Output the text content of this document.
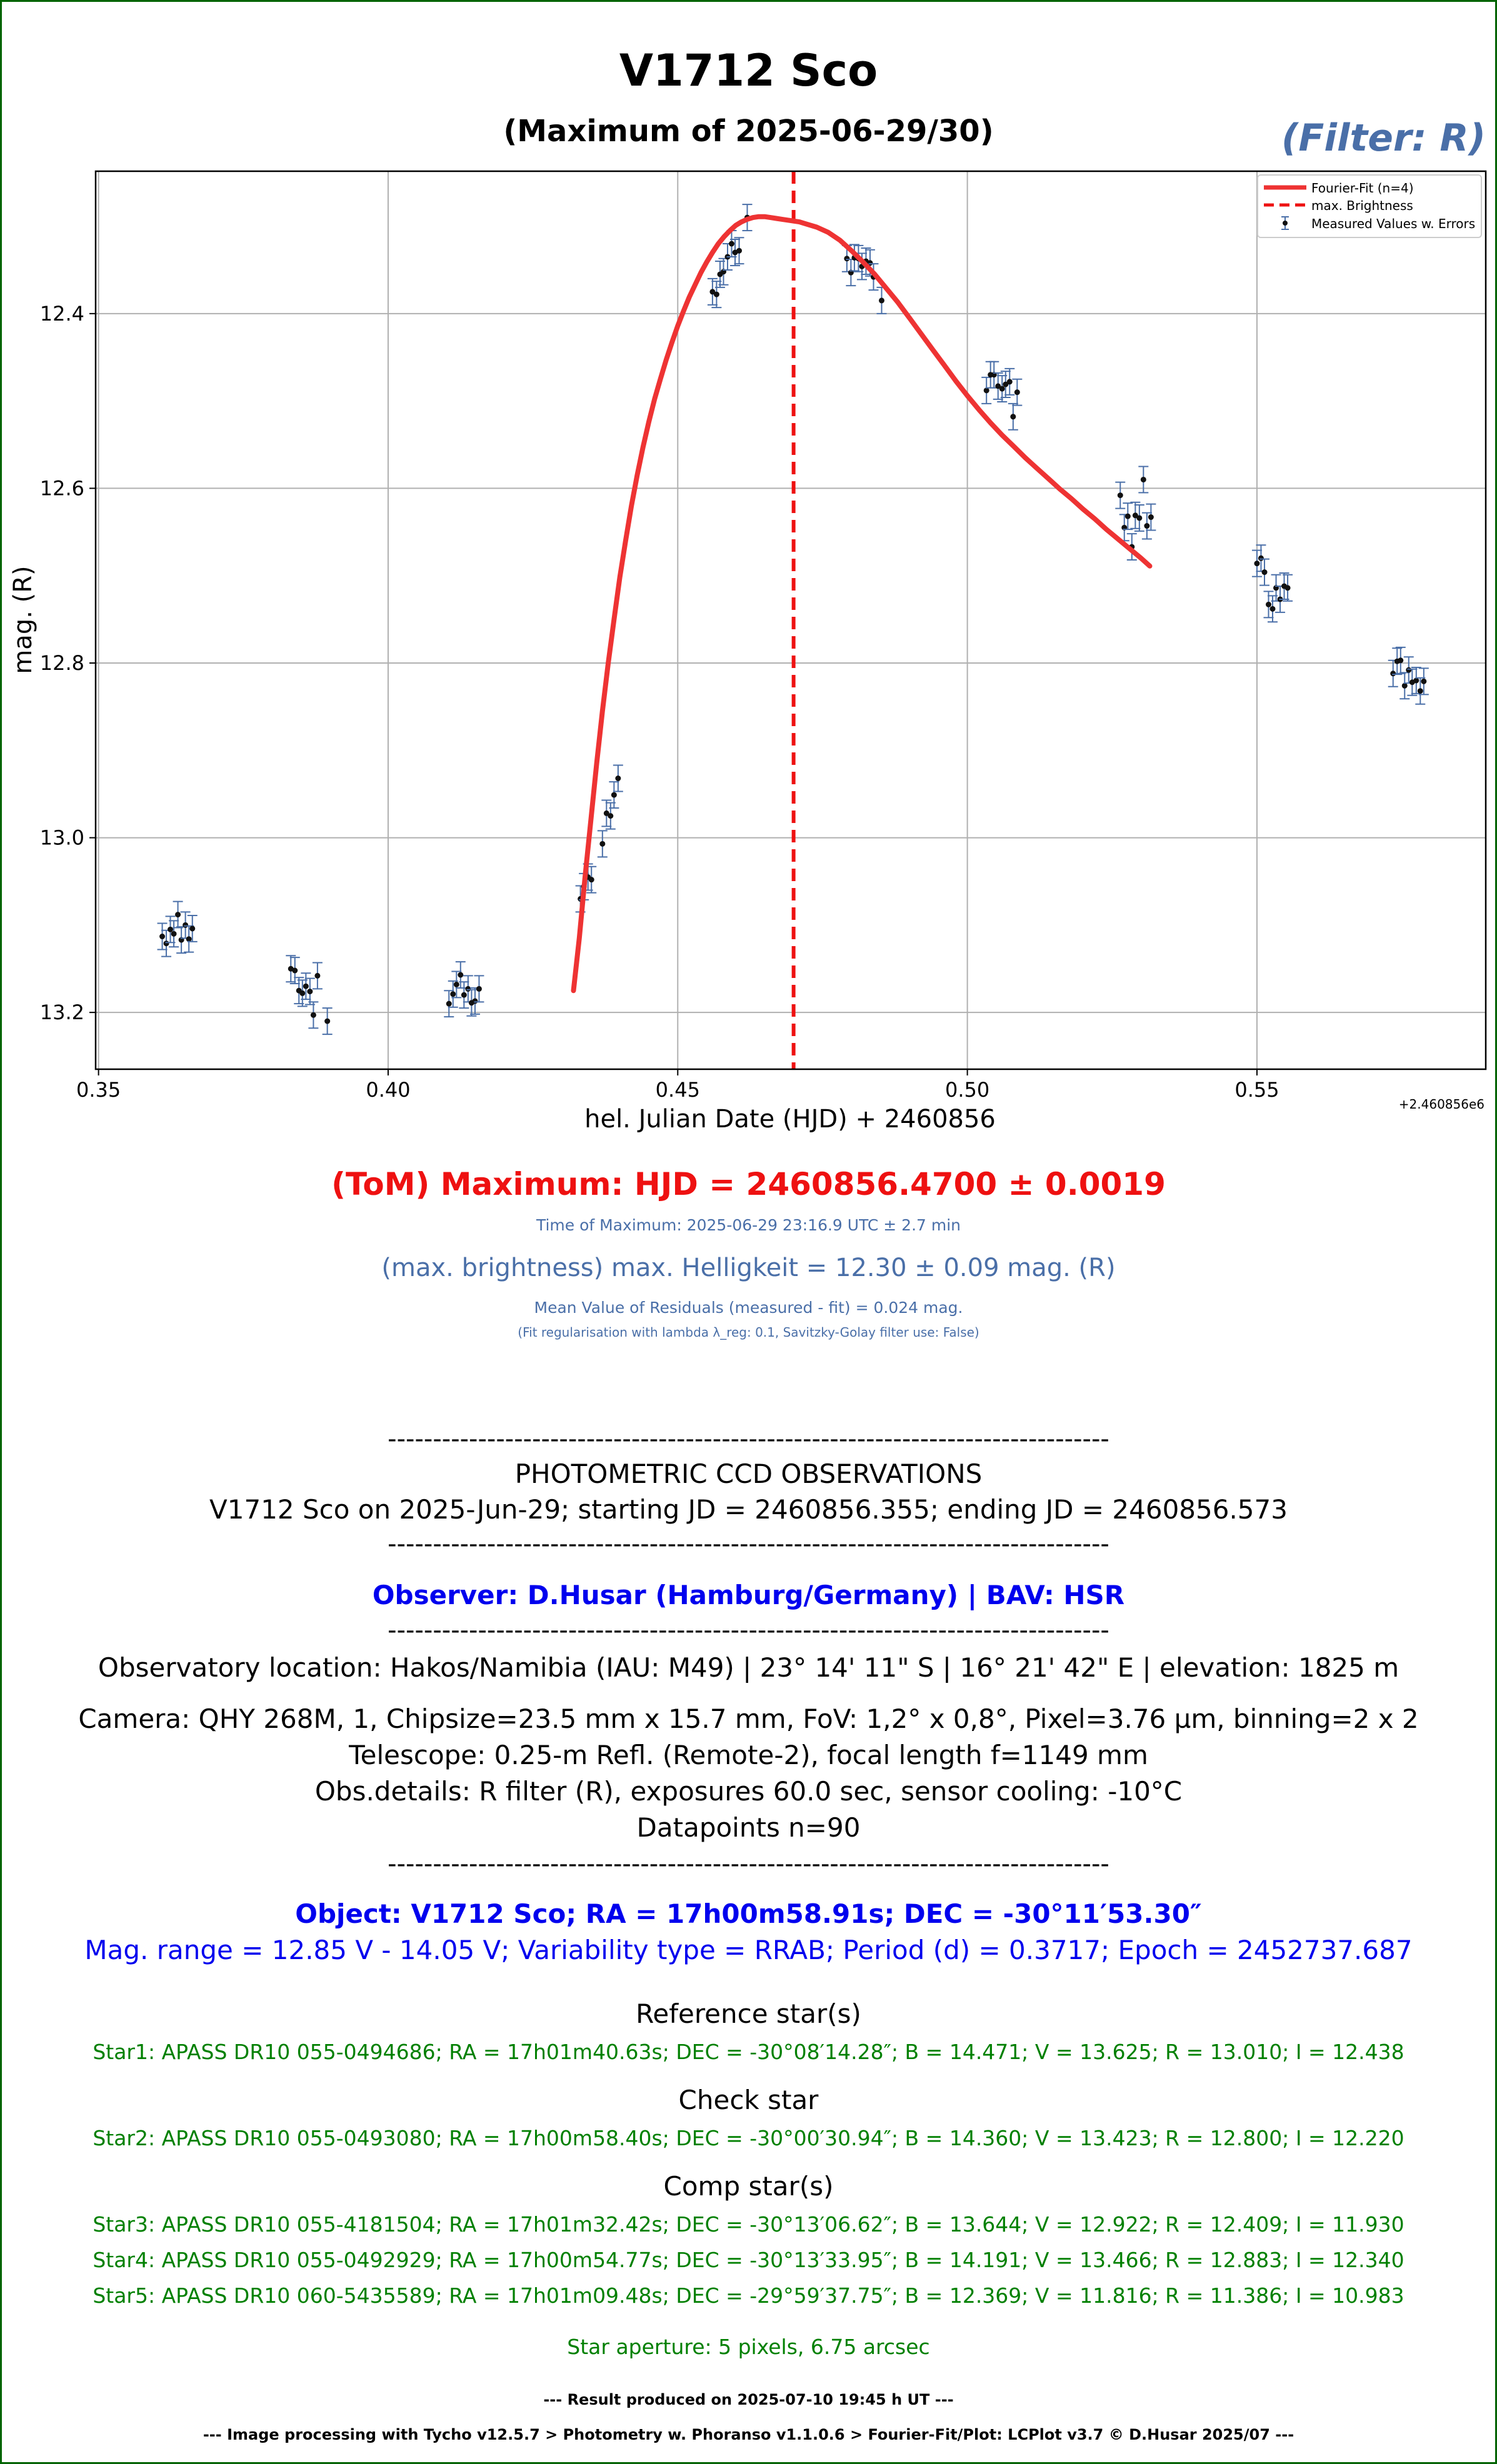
V1712 Sco
(Maximum of 2025-06-29/30)	(Filter: R)
0.35	0.40	0.45	0.50	0.55
12.4
12.6
12.8
13.0
13.2
Fourier-Fit (n=4)
max. Brightness
Measured Values w. Errors
hel. Julian Date (HJD) + 2460856
mag. (R)
+2.460856e6
(ToM) Maximum: HJD = 2460856.4700 ± 0.0019
Time of Maximum: 2025-06-29 23:16.9 UTC ± 2.7 min
(max. brightness) max. Helligkeit = 12.30 ± 0.09 mag. (R)
Mean Value of Residuals (measured - fit) = 0.024 mag.
(Fit regularisation with lambda λ_reg: 0.1, Savitzky-Golay filter use: False)
--------------------------------------------------------------------------------
PHOTOMETRIC CCD OBSERVATIONS
V1712 Sco on 2025-Jun-29; starting JD = 2460856.355; ending JD = 2460856.573
--------------------------------------------------------------------------------
Observer: D.Husar (Hamburg/Germany) | BAV: HSR
--------------------------------------------------------------------------------
Observatory location: Hakos/Namibia (IAU: M49) | 23° 14' 11" S | 16° 21' 42" E | elevation: 1825 m
Camera: QHY 268M, 1, Chipsize=23.5 mm x 15.7 mm, FoV: 1,2° x 0,8°, Pixel=3.76 µm, binning=2 x 2
Telescope: 0.25-m Refl. (Remote-2), focal length f=1149 mm
Obs.details: R filter (R), exposures 60.0 sec, sensor cooling: -10°C
Datapoints n=90
--------------------------------------------------------------------------------
Object: V1712 Sco; RA = 17h00m58.91s; DEC = -30°11′53.30″
Mag. range = 12.85 V - 14.05 V; Variability type = RRAB; Period (d) = 0.3717; Epoch = 2452737.687
Reference star(s)
Star1: APASS DR10 055-0494686; RA = 17h01m40.63s; DEC = -30°08′14.28″; B = 14.471; V = 13.625; R = 13.010; I = 12.438
Check star
Star2: APASS DR10 055-0493080; RA = 17h00m58.40s; DEC = -30°00′30.94″; B = 14.360; V = 13.423; R = 12.800; I = 12.220
Comp star(s)
Star3: APASS DR10 055-4181504; RA = 17h01m32.42s; DEC = -30°13′06.62″; B = 13.644; V = 12.922; R = 12.409; I = 11.930
Star4: APASS DR10 055-0492929; RA = 17h00m54.77s; DEC = -30°13′33.95″; B = 14.191; V = 13.466; R = 12.883; I = 12.340
Star5: APASS DR10 060-5435589; RA = 17h01m09.48s; DEC = -29°59′37.75″; B = 12.369; V = 11.816; R = 11.386; I = 10.983
Star aperture: 5 pixels, 6.75 arcsec
--- Result produced on 2025-07-10 19:45 h UT ---
--- Image processing with Tycho v12.5.7 > Photometry w. Phoranso v1.1.0.6 > Fourier-Fit/Plot: LCPlot v3.7 © D.Husar 2025/07 ---
